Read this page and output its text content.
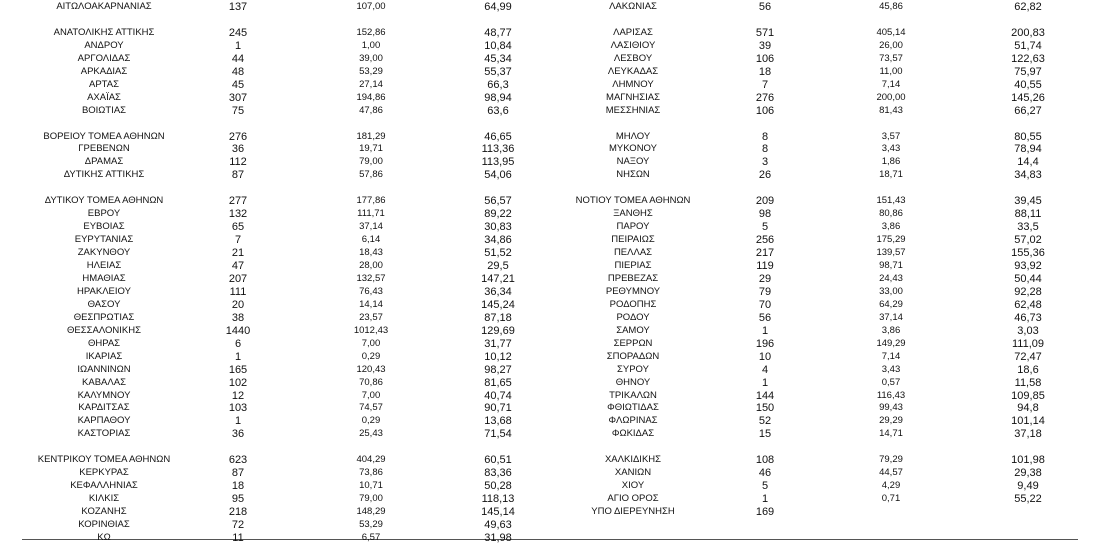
ΑΙΤΩΛΟΑΚΑΡΝΑΝΙΑΣ	137	107,00	64,99
ΑΝΑΤΟΛΙΚΗΣ ΑΤΤΙΚΗΣ	245	152,86	48,77
ΑΝΔΡΟΥ	1	1,00	10,84
ΑΡΓΟΛΙΔΑΣ	44	39,00	45,34
ΑΡΚΑΔΙΑΣ	48	53,29	55,37
ΑΡΤΑΣ	45	27,14	66,3
ΑΧΑΪΑΣ	307	194,86	98,94
ΒΟΙΩΤΙΑΣ	75	47,86	63,6
ΒΟΡΕΙΟΥ ΤΟΜΕΑ ΑΘΗΝΩΝ	276	181,29	46,65
ΓΡΕΒΕΝΩΝ	36	19,71	113,36
ΔΡΑΜΑΣ	112	79,00	113,95
ΔΥΤΙΚΗΣ ΑΤΤΙΚΗΣ	87	57,86	54,06
ΔΥΤΙΚΟΥ ΤΟΜΕΑ ΑΘΗΝΩΝ	277	177,86	56,57
ΕΒΡΟΥ	132	111,71	89,22
ΕΥΒΟΙΑΣ	65	37,14	30,83
ΕΥΡΥΤΑΝΙΑΣ	7	6,14	34,86
ΖΑΚΥΝΘΟΥ	21	18,43	51,52
ΗΛΕΙΑΣ	47	28,00	29,5
ΗΜΑΘΙΑΣ	207	132,57	147,21
ΗΡΑΚΛΕΙΟΥ	111	76,43	36,34
ΘΑΣΟΥ	20	14,14	145,24
ΘΕΣΠΡΩΤΙΑΣ	38	23,57	87,18
ΘΕΣΣΑΛΟΝΙΚΗΣ	1440	1012,43	129,69
ΘΗΡΑΣ	6	7,00	31,77
ΙΚΑΡΙΑΣ	1	0,29	10,12
ΙΩΑΝΝΙΝΩΝ	165	120,43	98,27
ΚΑΒΑΛΑΣ	102	70,86	81,65
ΚΑΛΥΜΝΟΥ	12	7,00	40,74
ΚΑΡΔΙΤΣΑΣ	103	74,57	90,71
ΚΑΡΠΑΘΟΥ	1	0,29	13,68
ΚΑΣΤΟΡΙΑΣ	36	25,43	71,54
ΚΕΝΤΡΙΚΟΥ ΤΟΜΕΑ ΑΘΗΝΩΝ	623	404,29	60,51
ΚΕΡΚΥΡΑΣ	87	73,86	83,36
ΚΕΦΑΛΛΗΝΙΑΣ	18	10,71	50,28
ΚΙΛΚΙΣ	95	79,00	118,13
ΚΟΖΑΝΗΣ	218	148,29	145,14
ΚΟΡΙΝΘΙΑΣ	72	53,29	49,63
ΚΩ	11	6,57	31,98
ΛΑΚΩΝΙΑΣ	56	45,86	62,82
ΛΑΡΙΣΑΣ	571	405,14	200,83
ΛΑΣΙΘΙΟΥ	39	26,00	51,74
ΛΕΣΒΟΥ	106	73,57	122,63
ΛΕΥΚΑΔΑΣ	18	11,00	75,97
ΛΗΜΝΟΥ	7	7,14	40,55
ΜΑΓΝΗΣΙΑΣ	276	200,00	145,26
ΜΕΣΣΗΝΙΑΣ	106	81,43	66,27
ΜΗΛΟΥ	8	3,57	80,55
ΜΥΚΟΝΟΥ	8	3,43	78,94
ΝΑΞΟΥ	3	1,86	14,4
ΝΗΣΩΝ	26	18,71	34,83
ΝΟΤΙΟΥ ΤΟΜΕΑ ΑΘΗΝΩΝ	209	151,43	39,45
ΞΑΝΘΗΣ	98	80,86	88,11
ΠΑΡΟΥ	5	3,86	33,5
ΠΕΙΡΑΙΩΣ	256	175,29	57,02
ΠΕΛΛΑΣ	217	139,57	155,36
ΠΙΕΡΙΑΣ	119	98,71	93,92
ΠΡΕΒΕΖΑΣ	29	24,43	50,44
ΡΕΘΥΜΝΟΥ	79	33,00	92,28
ΡΟΔΟΠΗΣ	70	64,29	62,48
ΡΟΔΟΥ	56	37,14	46,73
ΣΑΜΟΥ	1	3,86	3,03
ΣΕΡΡΩΝ	196	149,29	111,09
ΣΠΟΡΑΔΩΝ	10	7,14	72,47
ΣΥΡΟΥ	4	3,43	18,6
ΘΗΝΟΥ	1	0,57	11,58
ΤΡΙΚΑΛΩΝ	144	116,43	109,85
ΦΘΙΩΤΙΔΑΣ	150	99,43	94,8
ΦΛΩΡΙΝΑΣ	52	29,29	101,14
ΦΩΚΙΔΑΣ	15	14,71	37,18
ΧΑΛΚΙΔΙΚΗΣ	108	79,29	101,98
ΧΑΝΙΩΝ	46	44,57	29,38
ΧΙΟΥ	5	4,29	9,49
ΑΓΙΟ ΟΡΟΣ	1	0,71	55,22
ΥΠΟ ΔΙΕΡΕΥΝΗΣΗ	169
